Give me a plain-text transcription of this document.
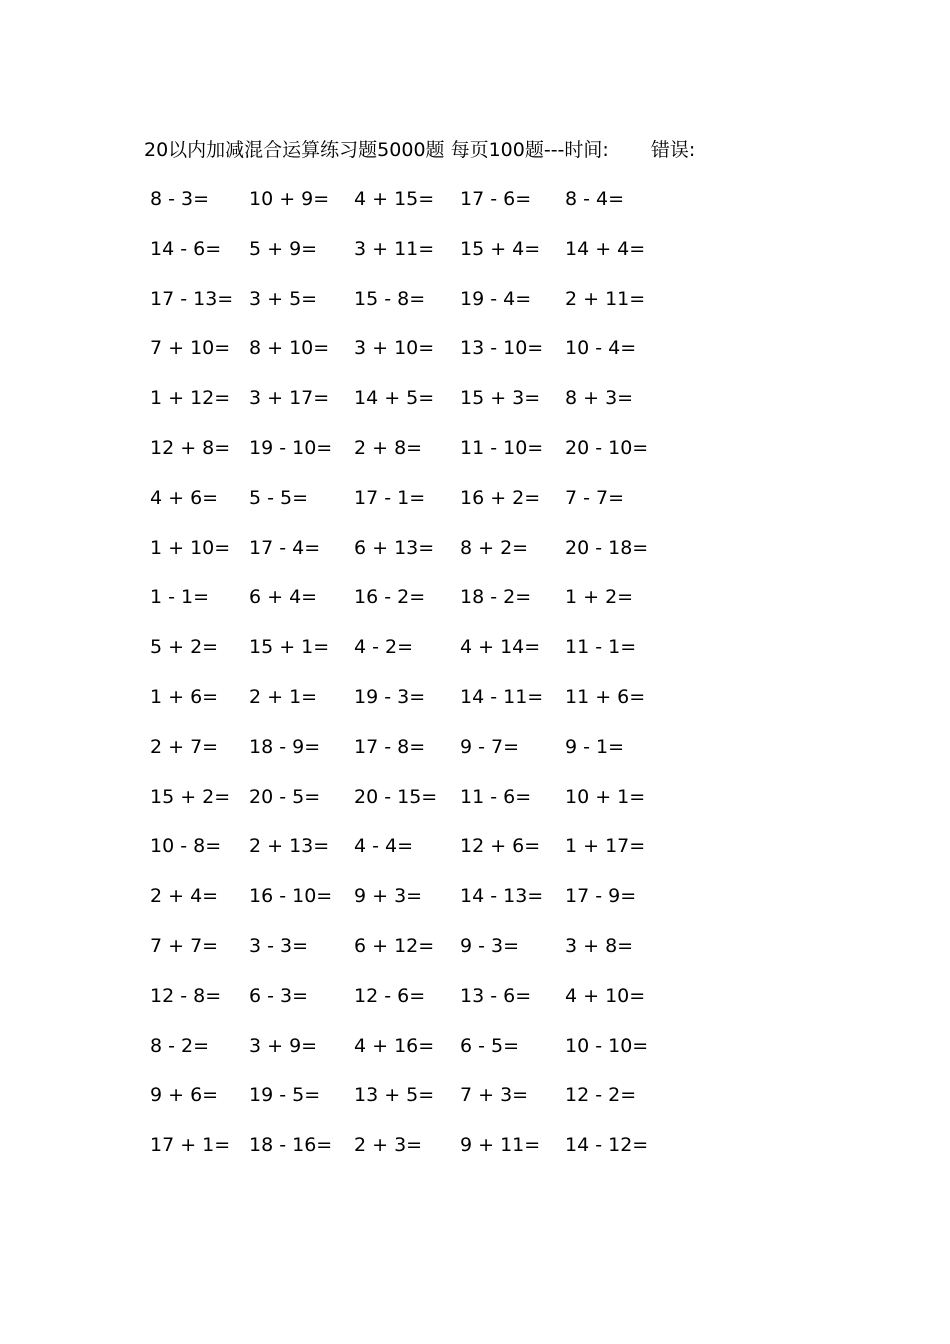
20以内加减混合运算练习题5000题 每页100题---时间: 错误:
8 - 3= 10 + 9= 4 + 15= 17 - 6= 8 - 4=
14 - 6= 5 + 9= 3 + 11= 15 + 4= 14 + 4=
17 - 13= 3 + 5= 15 - 8= 19 - 4= 2 + 11=
7 + 10= 8 + 10= 3 + 10= 13 - 10= 10 - 4=
1 + 12= 3 + 17= 14 + 5= 15 + 3= 8 + 3=
12 + 8= 19 - 10= 2 + 8= 11 - 10= 20 - 10=
4 + 6= 5 - 5= 17 - 1= 16 + 2= 7 - 7=
1 + 10= 17 - 4= 6 + 13= 8 + 2= 20 - 18=
1 - 1= 6 + 4= 16 - 2= 18 - 2= 1 + 2=
5 + 2= 15 + 1= 4 - 2= 4 + 14= 11 - 1=
1 + 6= 2 + 1= 19 - 3= 14 - 11= 11 + 6=
2 + 7= 18 - 9= 17 - 8= 9 - 7= 9 - 1=
15 + 2= 20 - 5= 20 - 15= 11 - 6= 10 + 1=
10 - 8= 2 + 13= 4 - 4= 12 + 6= 1 + 17=
2 + 4= 16 - 10= 9 + 3= 14 - 13= 17 - 9=
7 + 7= 3 - 3= 6 + 12= 9 - 3= 3 + 8=
12 - 8= 6 - 3= 12 - 6= 13 - 6= 4 + 10=
8 - 2= 3 + 9= 4 + 16= 6 - 5= 10 - 10=
9 + 6= 19 - 5= 13 + 5= 7 + 3= 12 - 2=
17 + 1= 18 - 16= 2 + 3= 9 + 11= 14 - 12=
